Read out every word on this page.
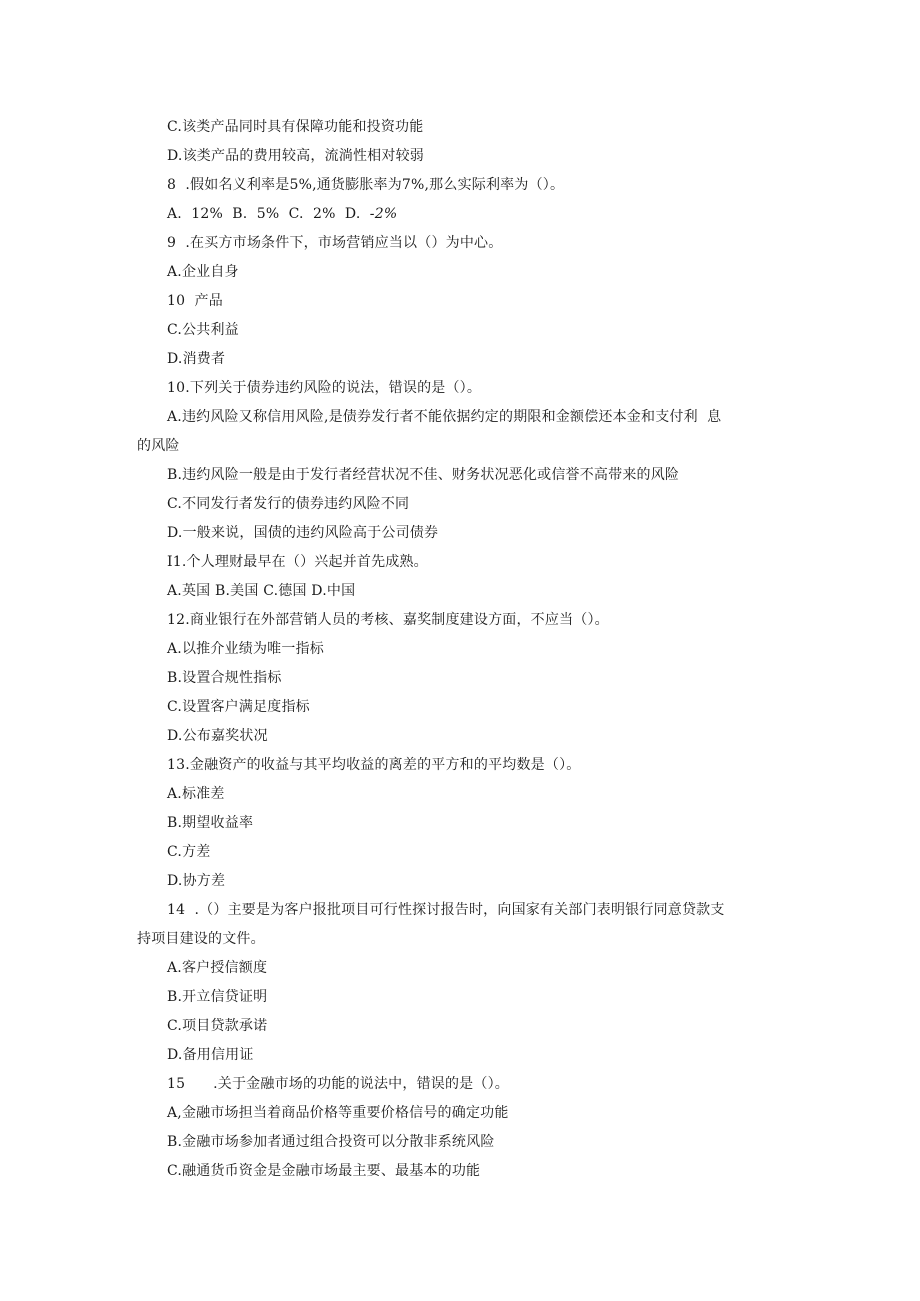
C.该类产品同时具有保障功能和投资功能
D.该类产品的费用较高，流淌性相对较弱
8  .假如名义利率是5%,通货膨胀率为7%,那么实际利率为（）。
A.  12%  B.  5%  C.  2%  D.  -2%
9  .在买方市场条件下，市场营销应当以（）为中心。
A.企业自身
10  产品
C.公共利益
D.消费者
10.下列关于债券违约风险的说法，错误的是（）。
A.违约风险又称信用风险,是债券发行者不能依据约定的期限和金额偿还本金和支付利  息
的风险
B.违约风险一般是由于发行者经营状况不佳、财务状况恶化或信誉不高带来的风险
C.不同发行者发行的债券违约风险不同
D.一般来说，国债的违约风险高于公司债券
I1.个人理财最早在（）兴起并首先成熟。
A.英国 B.美国 C.德国 D.中国
12.商业银行在外部营销人员的考核、嘉奖制度建设方面，不应当（）。
A.以推介业绩为唯一指标
B.设置合规性指标
C.设置客户满足度指标
D.公布嘉奖状况
13.金融资产的收益与其平均收益的离差的平方和的平均数是（）。
A.标准差
B.期望收益率
C.方差
D.协方差
14  .（）主要是为客户报批项目可行性探讨报告时，向国家有关部门表明银行同意贷款支
持项目建设的文件。
A.客户授信额度
B.开立信贷证明
C.项目贷款承诺
D.备用信用证
15      .关于金融市场的功能的说法中，错误的是（）。
A,金融市场担当着商品价格等重要价格信号的确定功能
B.金融市场参加者通过组合投资可以分散非系统风险
C.融通货币资金是金融市场最主要、最基本的功能
